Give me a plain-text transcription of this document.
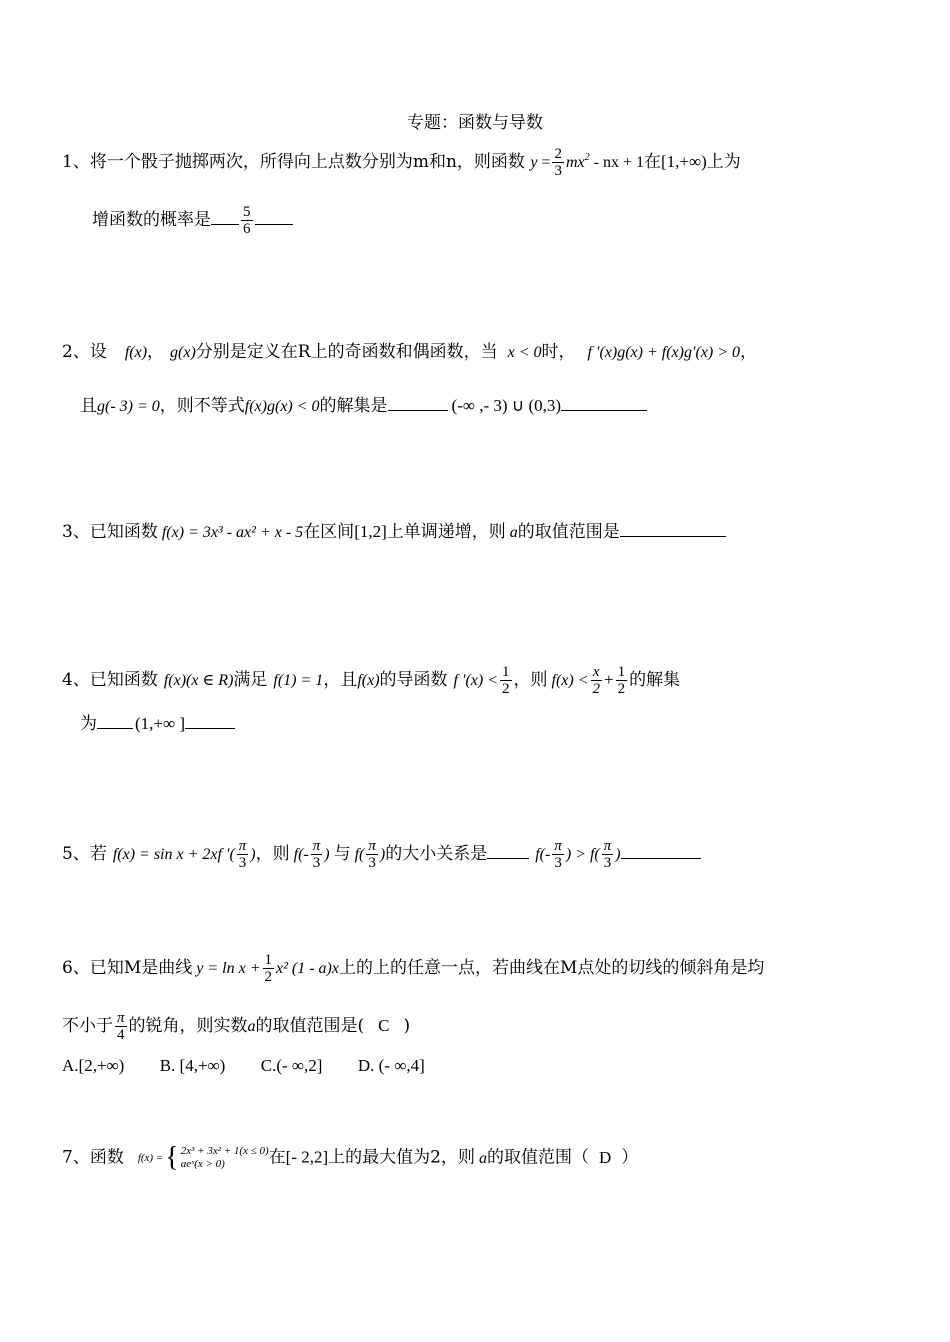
专题：函数与导数
1、将一个骰子抛掷两次，所得向上点数分别为m和n，则函数 $y = \frac{2}{3} mx^2$ - nx + 1在[1,+∞)上为
增函数的概率是 $\frac{5}{6}$
2、设 f(x)， g(x)分别是定义在R上的奇函数和偶函数，当 x < 0时， f ′(x)g(x) + f(x)g′(x) > 0，
且g(- 3) = 0，则不等式f(x)g(x) < 0的解集是	(-∞ ,- 3) ∪ (0,3)
3、已知函数 f(x) = 3x³ - ax² + x - 5在区间[1,2]上单调递增，则 a的取值范围是
4、已知函数 f(x)(x ∈ R)满足 f(1) = 1，且f(x)的导函数 f $'(x) < \frac{1}{2}$ ，则 $f(x) < \frac{x}{2} + \frac{1}{2}$ 的解集
为 (1,+∞ ]
5、若 f(x) = sin x + 2xf ′( $\frac{\pi}{3}$ )，则 $f(- \frac{\pi}{3}$ ) 与 $f( \frac{\pi}{3}$ )的大小关系是	$f(- \frac{\pi}{3}$ ) > $f( \frac{\pi}{3}$ )
6、已知M是曲线 $y = \ln x + \frac{1}{2} x^2$ (1 - a)x上的上的任意一点，若曲线在M点处的切线的倾斜角是均
不小于 $\frac{\pi}{4}$ 的锐角，则实数a的取值范围是( C )
A.[2,+∞) B. [4,+∞) C.(- ∞,2] D. (- ∞,4]
7、函数 f(x) = { 2x³ + 3x² + 1(x ≤ 0)
aeˣ(x > 0)	在[- 2,2]上的最大值为2，则 a的取值范围（ D ）
